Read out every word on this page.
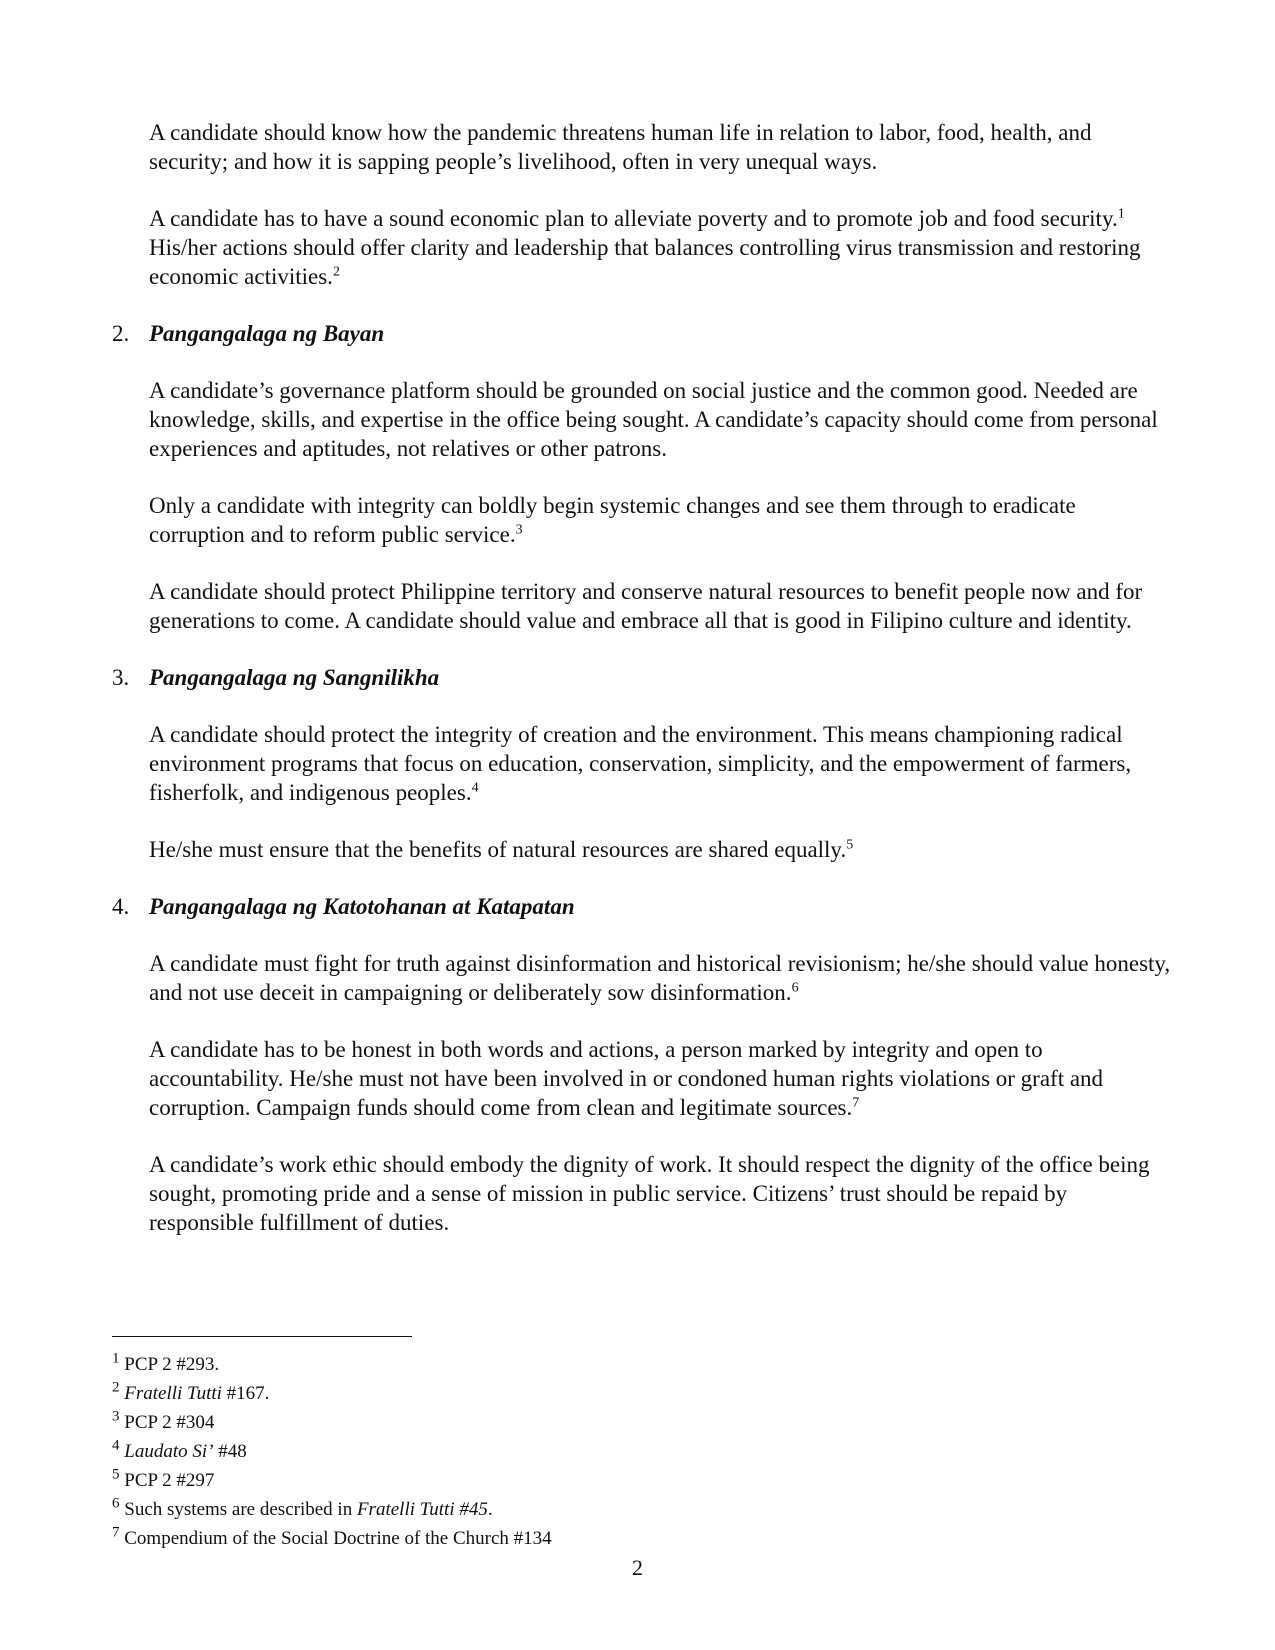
A candidate should know how the pandemic threatens human life in relation to labor, food, health, and security; and how it is sapping people’s livelihood, often in very unequal ways.

A candidate has to have a sound economic plan to alleviate poverty and to promote job and food security.$^1$ His/her actions should offer clarity and leadership that balances controlling virus transmission and restoring economic activities.$^2$

2. Pangangalaga ng Bayan

A candidate’s governance platform should be grounded on social justice and the common good. Needed are knowledge, skills, and expertise in the office being sought. A candidate’s capacity should come from personal experiences and aptitudes, not relatives or other patrons.

Only a candidate with integrity can boldly begin systemic changes and see them through to eradicate corruption and to reform public service.$^3$

A candidate should protect Philippine territory and conserve natural resources to benefit people now and for generations to come. A candidate should value and embrace all that is good in Filipino culture and identity.

3. Pangangalaga ng Sangnilikha

A candidate should protect the integrity of creation and the environment. This means championing radical environment programs that focus on education, conservation, simplicity, and the empowerment of farmers, fisherfolk, and indigenous peoples.$^4$

He/she must ensure that the benefits of natural resources are shared equally.$^5$

4. Pangangalaga ng Katotohanan at Katapatan

A candidate must fight for truth against disinformation and historical revisionism; he/she should value honesty, and not use deceit in campaigning or deliberately sow disinformation.$^6$

A candidate has to be honest in both words and actions, a person marked by integrity and open to accountability. He/she must not have been involved in or condoned human rights violations or graft and corruption. Campaign funds should come from clean and legitimate sources.$^7$

A candidate’s work ethic should embody the dignity of work. It should respect the dignity of the office being sought, promoting pride and a sense of mission in public service. Citizens’ trust should be repaid by responsible fulfillment of duties.

$^1$ PCP 2 #293.

$^2$ Fratelli Tutti #167.

$^3$ PCP 2 #304

$^4$ Laudato Si’ #48

$^5$ PCP 2 #297

$^6$ Such systems are described in Fratelli Tutti #45.

$^7$ Compendium of the Social Doctrine of the Church #134

2
